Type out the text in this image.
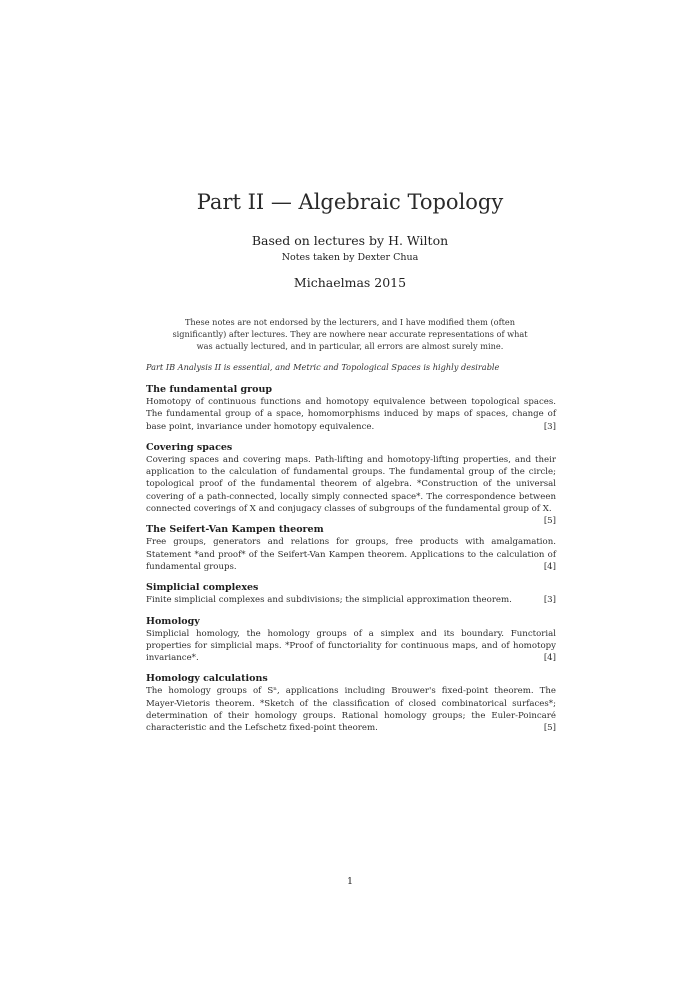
Part II — Algebraic Topology
Based on lectures by H. Wilton
Notes taken by Dexter Chua
Michaelmas 2015
These notes are not endorsed by the lecturers, and I have modified them (often significantly) after lectures. They are nowhere near accurate representations of what was actually lectured, and in particular, all errors are almost surely mine.
Part IB Analysis II is essential, and Metric and Topological Spaces is highly desirable
The fundamental group
Homotopy of continuous functions and homotopy equivalence between topological spaces. The fundamental group of a space, homomorphisms induced by maps of spaces, change of base point, invariance under homotopy equivalence.	[3]
Covering spaces
Covering spaces and covering maps. Path-lifting and homotopy-lifting properties, and their application to the calculation of fundamental groups. The fundamental group of the circle; topological proof of the fundamental theorem of algebra. *Construction of the universal covering of a path-connected, locally simply connected space*. The correspondence between connected coverings of X and conjugacy classes of subgroups of the fundamental group of X.
[5]
The Seifert-Van Kampen theorem
Free groups, generators and relations for groups, free products with amalgamation. Statement *and proof* of the Seifert-Van Kampen theorem. Applications to the calculation of fundamental groups.	[4]
Simplicial complexes
Finite simplicial complexes and subdivisions; the simplicial approximation theorem.	[3]
Homology
Simplicial homology, the homology groups of a simplex and its boundary. Functorial properties for simplicial maps. *Proof of functoriality for continuous maps, and of homotopy invariance*.	[4]
Homology calculations
The homology groups of Sⁿ, applications including Brouwer's fixed-point theorem. The Mayer-Vietoris theorem. *Sketch of the classification of closed combinatorical surfaces*; determination of their homology groups. Rational homology groups; the Euler-Poincaré characteristic and the Lefschetz fixed-point theorem.	[5]
1
